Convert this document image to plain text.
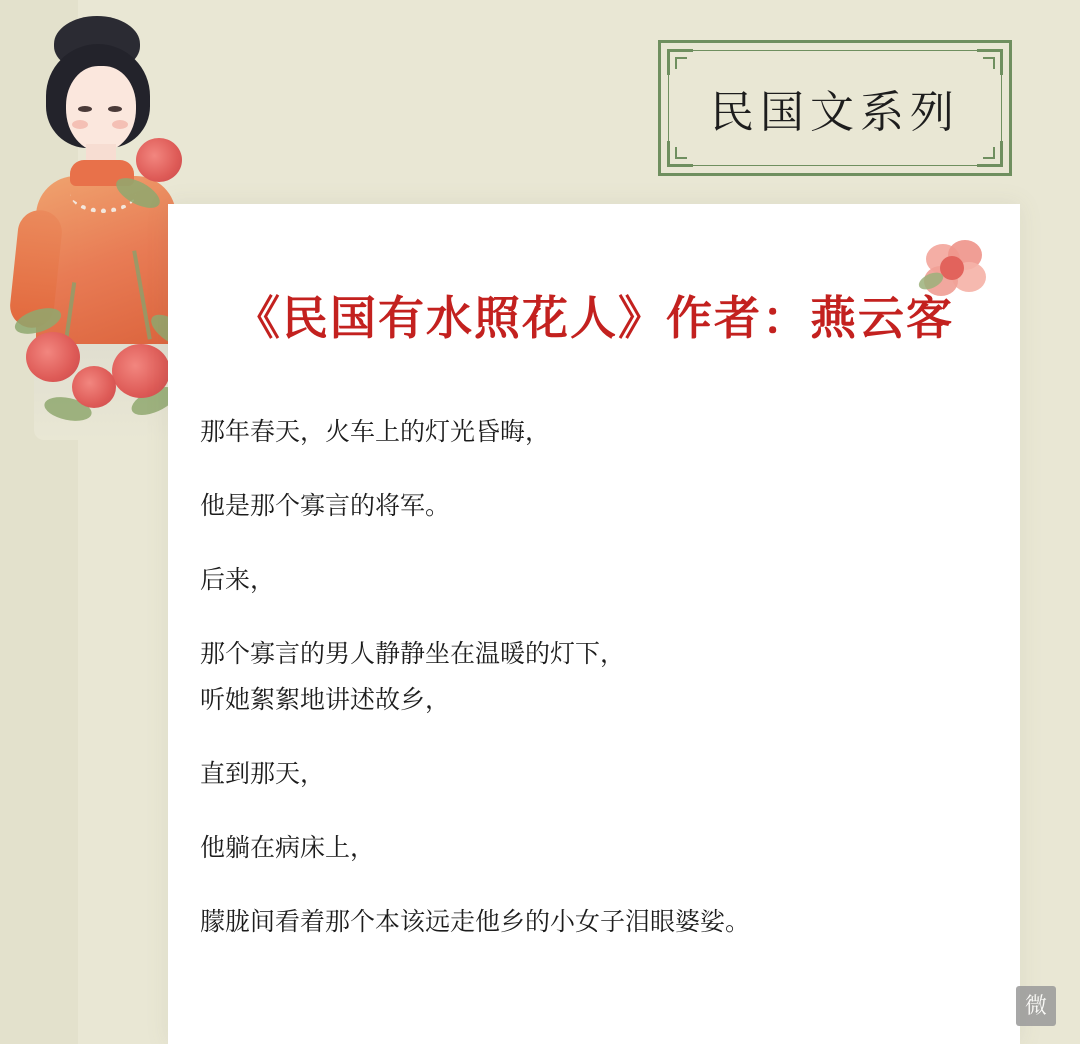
民国文系列
《民国有水照花人》作者：燕云客

那年春天，火车上的灯光昏晦，

他是那个寡言的将军。

后来，

那个寡言的男人静静坐在温暖的灯下，

听她絮絮地讲述故乡，

直到那天，

他躺在病床上，

朦胧间看着那个本该远走他乡的小女子泪眼婆娑。

微
